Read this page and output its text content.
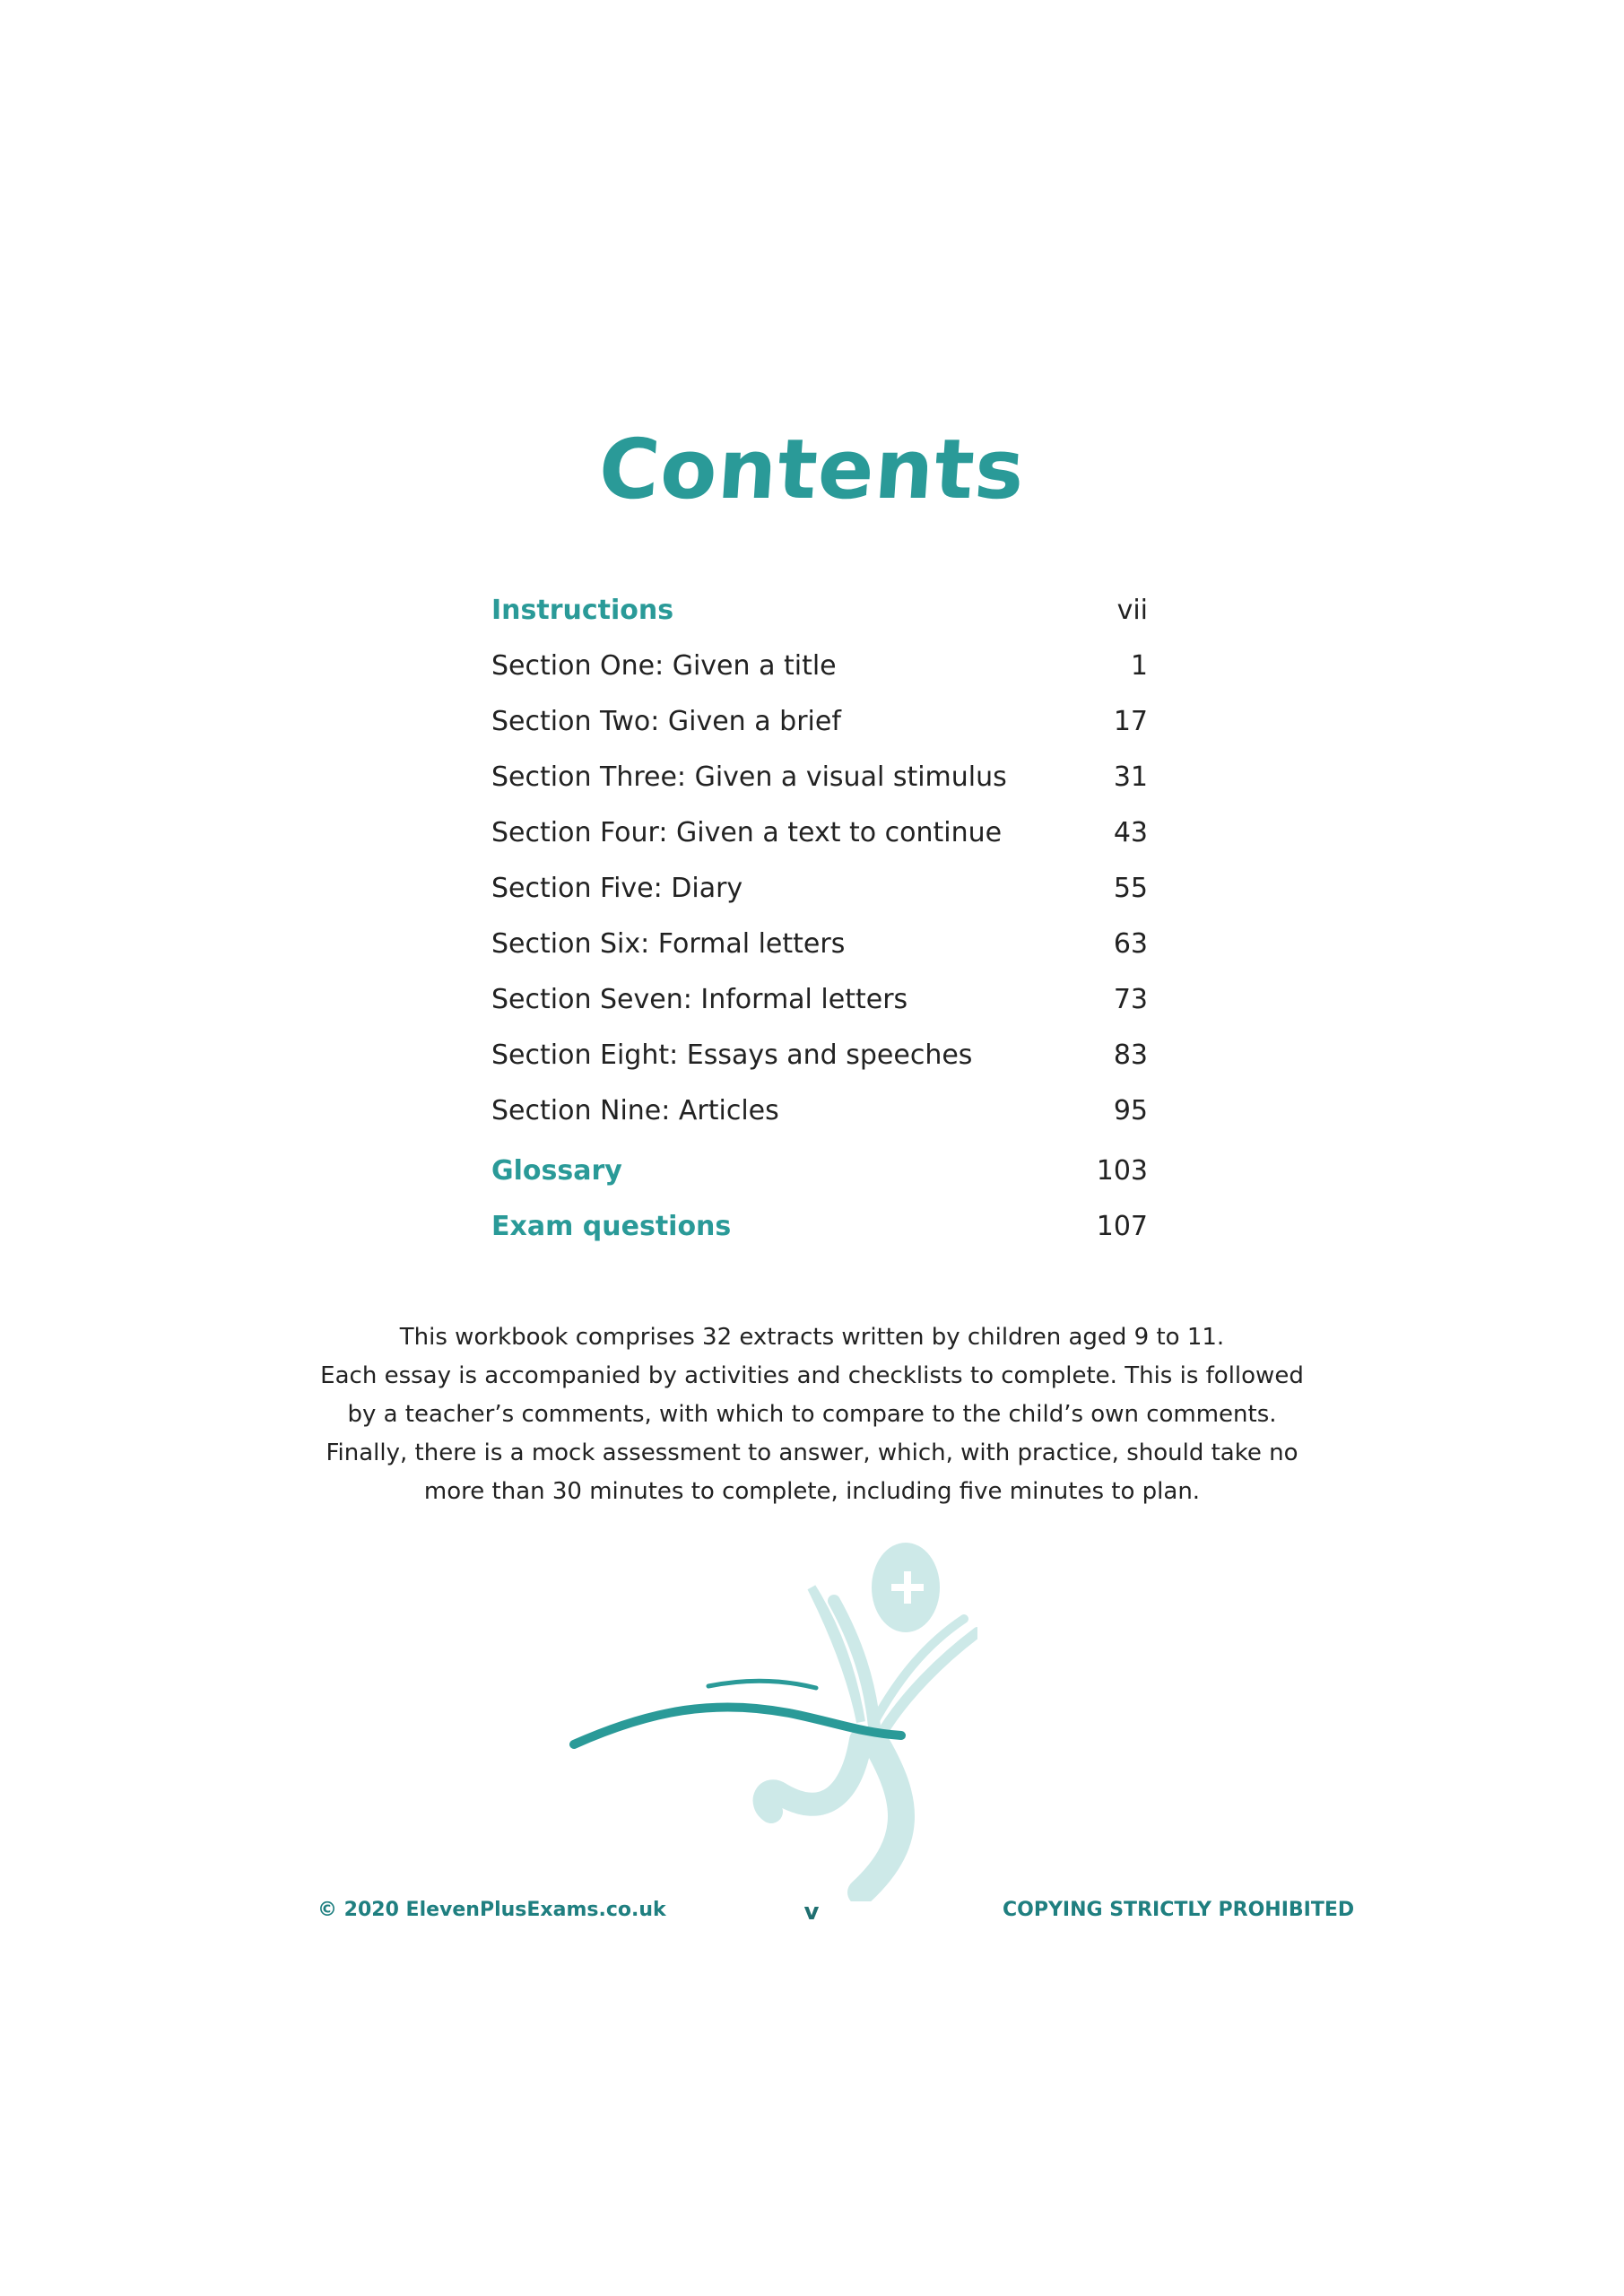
Contents
Instructions	vii
Section One: Given a title	1
Section Two: Given a brief	17
Section Three: Given a visual stimulus	31
Section Four: Given a text to continue	43
Section Five: Diary	55
Section Six: Formal letters	63
Section Seven: Informal letters	73
Section Eight: Essays and speeches	83
Section Nine: Articles	95
Glossary	103
Exam questions	107
This workbook comprises 32 extracts written by children aged 9 to 11.
Each essay is accompanied by activities and checklists to complete. This is followed
by a teacher’s comments, with which to compare to the child’s own comments.
Finally, there is a mock assessment to answer, which, with practice, should take no
more than 30 minutes to complete, including five minutes to plan.
© 2020 ElevenPlusExams.co.uk	v	COPYING STRICTLY PROHIBITED
